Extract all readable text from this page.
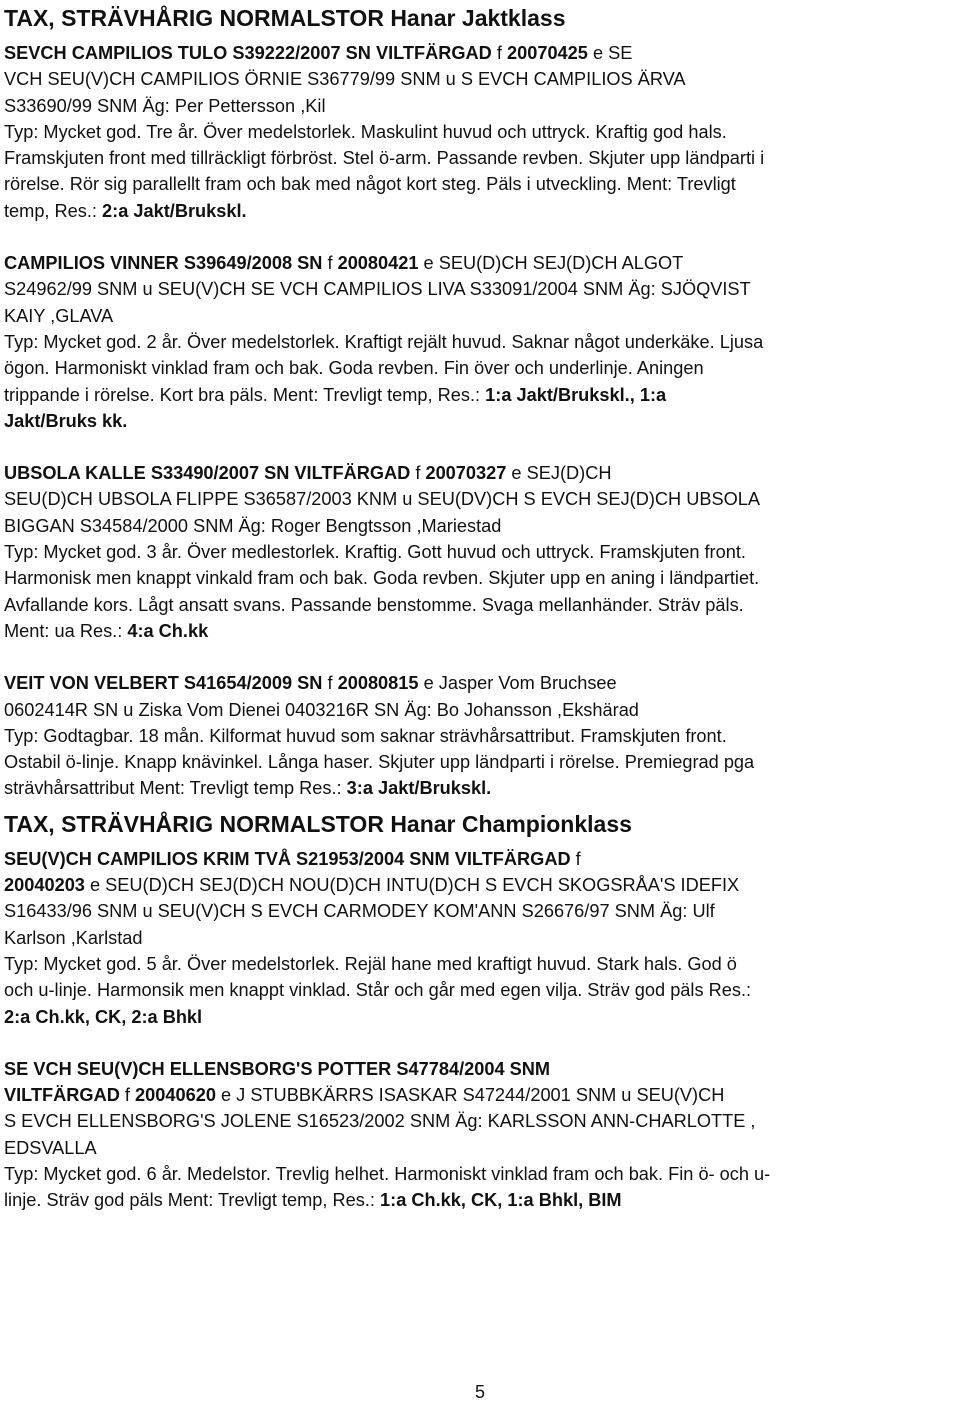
TAX, STRÄVHÅRIG NORMALSTOR Hanar Jaktklass
SEVCH CAMPILIOS TULO S39222/2007 SN VILTFÄRGAD f 20070425 e SE
VCH SEU(V)CH CAMPILIOS ÖRNIE S36779/99 SNM u S EVCH CAMPILIOS ÄRVA
S33690/99 SNM Äg: Per Pettersson ,Kil
Typ: Mycket god. Tre år. Över medelstorlek. Maskulint huvud och uttryck. Kraftig god hals.
Framskjuten front med tillräckligt förbröst. Stel ö-arm. Passande revben. Skjuter upp ländparti i
rörelse. Rör sig parallellt fram och bak med något kort steg. Päls i utveckling. Ment: Trevligt
temp, Res.: 2:a Jakt/Brukskl.
CAMPILIOS VINNER S39649/2008 SN f 20080421 e SEU(D)CH SEJ(D)CH ALGOT
S24962/99 SNM u SEU(V)CH SE VCH CAMPILIOS LIVA S33091/2004 SNM Äg: SJÖQVIST
KAIY ,GLAVA
Typ: Mycket god. 2 år. Över medelstorlek. Kraftigt rejält huvud. Saknar något underkäke. Ljusa
ögon. Harmoniskt vinklad fram och bak. Goda revben. Fin över och underlinje. Aningen
trippande i rörelse. Kort bra päls. Ment: Trevligt temp, Res.: 1:a Jakt/Brukskl., 1:a
Jakt/Bruks kk.
UBSOLA KALLE S33490/2007 SN VILTFÄRGAD f 20070327 e SEJ(D)CH
SEU(D)CH UBSOLA FLIPPE S36587/2003 KNM u SEU(DV)CH S EVCH SEJ(D)CH UBSOLA
BIGGAN S34584/2000 SNM Äg: Roger Bengtsson ,Mariestad
Typ: Mycket god. 3 år. Över medlestorlek. Kraftig. Gott huvud och uttryck. Framskjuten front.
Harmonisk men knappt vinkald fram och bak. Goda revben. Skjuter upp en aning i ländpartiet.
Avfallande kors. Lågt ansatt svans. Passande benstomme. Svaga mellanhänder. Sträv päls.
Ment: ua Res.: 4:a Ch.kk
VEIT VON VELBERT S41654/2009 SN f 20080815 e Jasper Vom Bruchsee
0602414R SN u Ziska Vom Dienei 0403216R SN Äg: Bo Johansson ,Ekshärad
Typ: Godtagbar. 18 mån. Kilformat huvud som saknar strävhårsattribut. Framskjuten front.
Ostabil ö-linje. Knapp knävinkel. Långa haser. Skjuter upp ländparti i rörelse. Premiegrad pga
strävhårsattribut Ment: Trevligt temp Res.: 3:a Jakt/Brukskl.
TAX, STRÄVHÅRIG NORMALSTOR Hanar Championklass
SEU(V)CH CAMPILIOS KRIM TVÅ S21953/2004 SNM VILTFÄRGAD f
20040203 e SEU(D)CH SEJ(D)CH NOU(D)CH INTU(D)CH S EVCH SKOGSRÅA'S IDEFIX
S16433/96 SNM u SEU(V)CH S EVCH CARMODEY KOM'ANN S26676/97 SNM Äg: Ulf
Karlson ,Karlstad
Typ: Mycket god. 5 år. Över medelstorlek. Rejäl hane med kraftigt huvud. Stark hals. God ö
och u-linje. Harmonsik men knappt vinklad. Står och går med egen vilja. Sträv god päls Res.:
2:a Ch.kk, CK, 2:a Bhkl
SE VCH SEU(V)CH ELLENSBORG'S POTTER S47784/2004 SNM
VILTFÄRGAD f 20040620 e J STUBBKÄRRS ISASKAR S47244/2001 SNM u SEU(V)CH
S EVCH ELLENSBORG'S JOLENE S16523/2002 SNM Äg: KARLSSON ANN-CHARLOTTE ,
EDSVALLA
Typ: Mycket god. 6 år. Medelstor. Trevlig helhet. Harmoniskt vinklad fram och bak. Fin ö- och u-
linje. Sträv god päls Ment: Trevligt temp, Res.: 1:a Ch.kk, CK, 1:a Bhkl, BIM
5
